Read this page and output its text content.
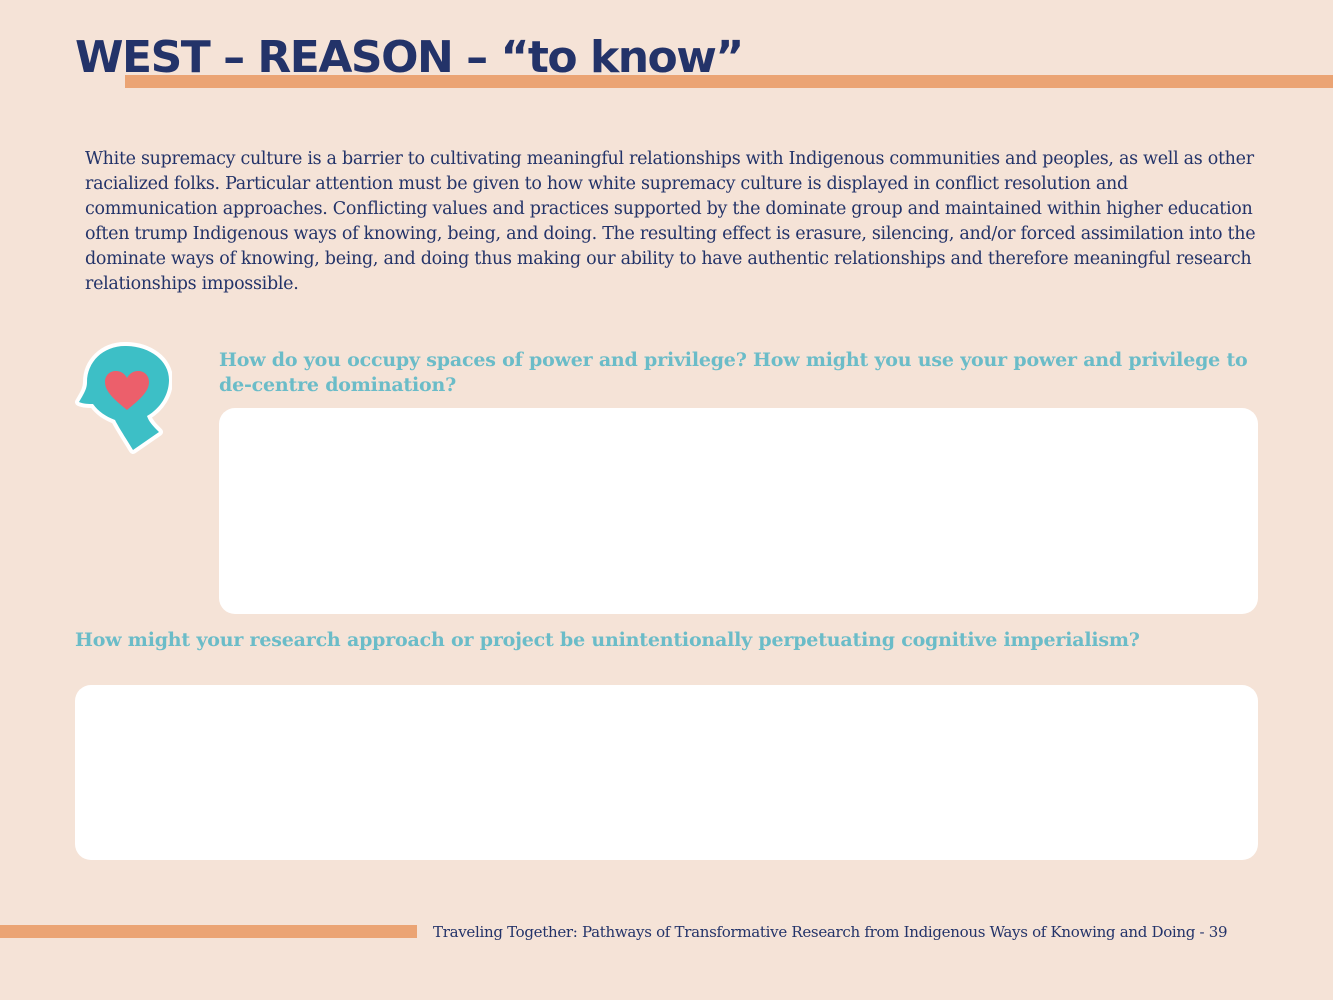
WEST – REASON – “to know”

White supremacy culture is a barrier to cultivating meaningful relationships with Indigenous communities and peoples, as well as other racialized folks. Particular attention must be given to how white supremacy culture is displayed in conflict resolution and communication approaches. Conflicting values and practices supported by the dominate group and maintained within higher education often trump Indigenous ways of knowing, being, and doing. The resulting effect is erasure, silencing, and/or forced assimilation into the dominate ways of knowing, being, and doing thus making our ability to have authentic relationships and therefore meaningful research relationships impossible.

How do you occupy spaces of power and privilege? How might you use your power and privilege to de-centre domination?

How might your research approach or project be unintentionally perpetuating cognitive imperialism?

Traveling Together: Pathways of Transformative Research from Indigenous Ways of Knowing and Doing - 39
